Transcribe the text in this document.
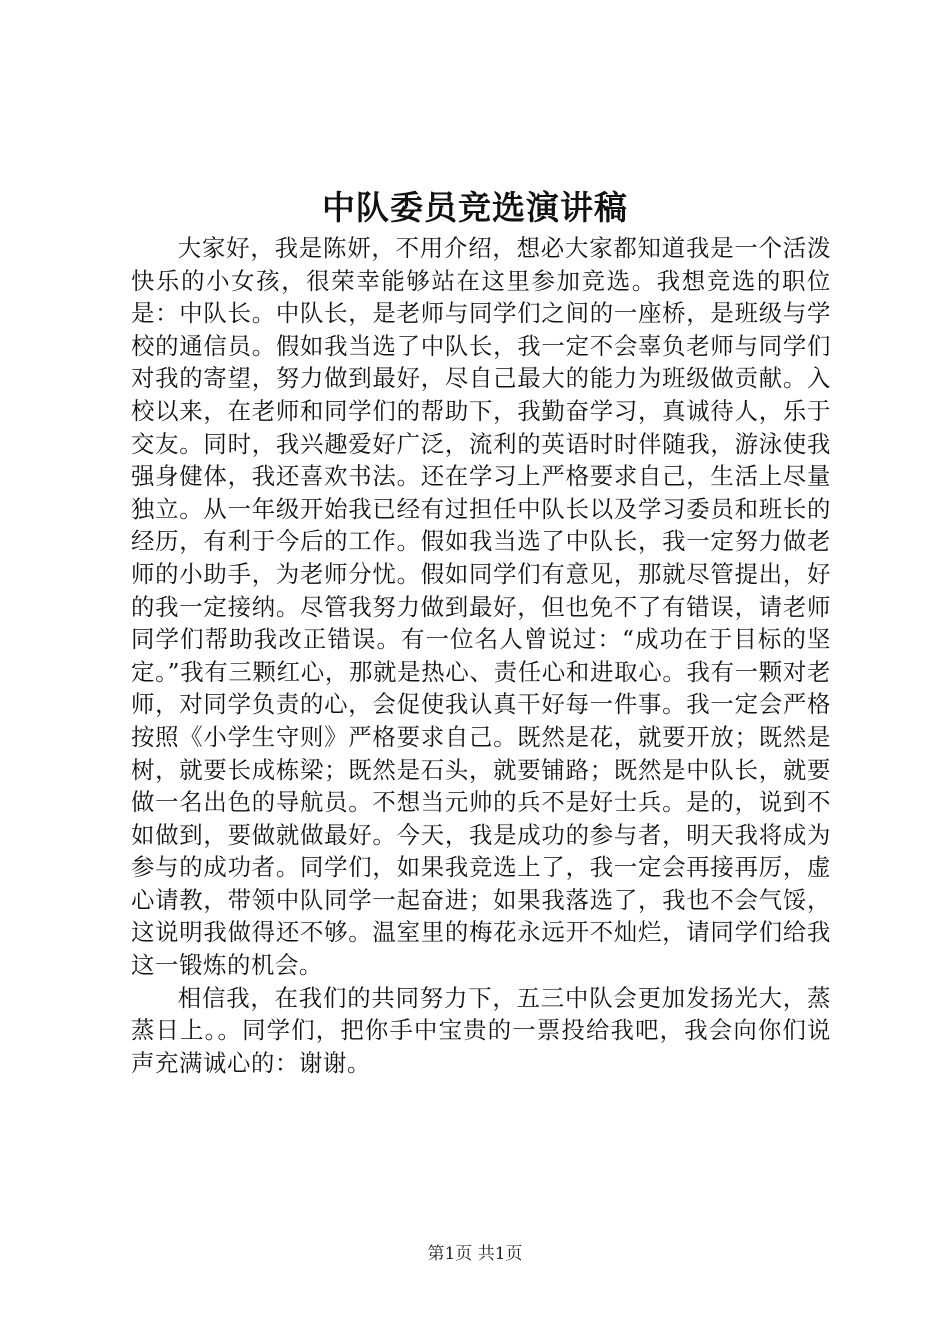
中队委员竞选演讲稿

大家好，我是陈妍，不用介绍，想必大家都知道我是一个活泼快乐的小女孩，很荣幸能够站在这里参加竞选。我想竞选的职位是：中队长。中队长，是老师与同学们之间的一座桥，是班级与学校的通信员。假如我当选了中队长，我一定不会辜负老师与同学们对我的寄望，努力做到最好，尽自己最大的能力为班级做贡献。入校以来，在老师和同学们的帮助下，我勤奋学习，真诚待人，乐于交友。同时，我兴趣爱好广泛，流利的英语时时伴随我，游泳使我强身健体，我还喜欢书法。还在学习上严格要求自己，生活上尽量独立。从一年级开始我已经有过担任中队长以及学习委员和班长的经历，有利于今后的工作。假如我当选了中队长，我一定努力做老师的小助手，为老师分忧。假如同学们有意见，那就尽管提出，好的我一定接纳。尽管我努力做到最好，但也免不了有错误，请老师同学们帮助我改正错误。有一位名人曾说过：“成功在于目标的坚定。”我有三颗红心，那就是热心、责任心和进取心。我有一颗对老师，对同学负责的心，会促使我认真干好每一件事。我一定会严格按照《小学生守则》严格要求自己。既然是花，就要开放；既然是树，就要长成栋梁；既然是石头，就要铺路；既然是中队长，就要做一名出色的导航员。不想当元帅的兵不是好士兵。是的，说到不如做到，要做就做最好。今天，我是成功的参与者，明天我将成为参与的成功者。同学们，如果我竞选上了，我一定会再接再厉，虚心请教，带领中队同学一起奋进；如果我落选了，我也不会气馁，这说明我做得还不够。温室里的梅花永远开不灿烂，请同学们给我这一锻炼的机会。

相信我，在我们的共同努力下，五三中队会更加发扬光大，蒸蒸日上。。同学们，把你手中宝贵的一票投给我吧，我会向你们说声充满诚心的：谢谢。

第1页 共1页
